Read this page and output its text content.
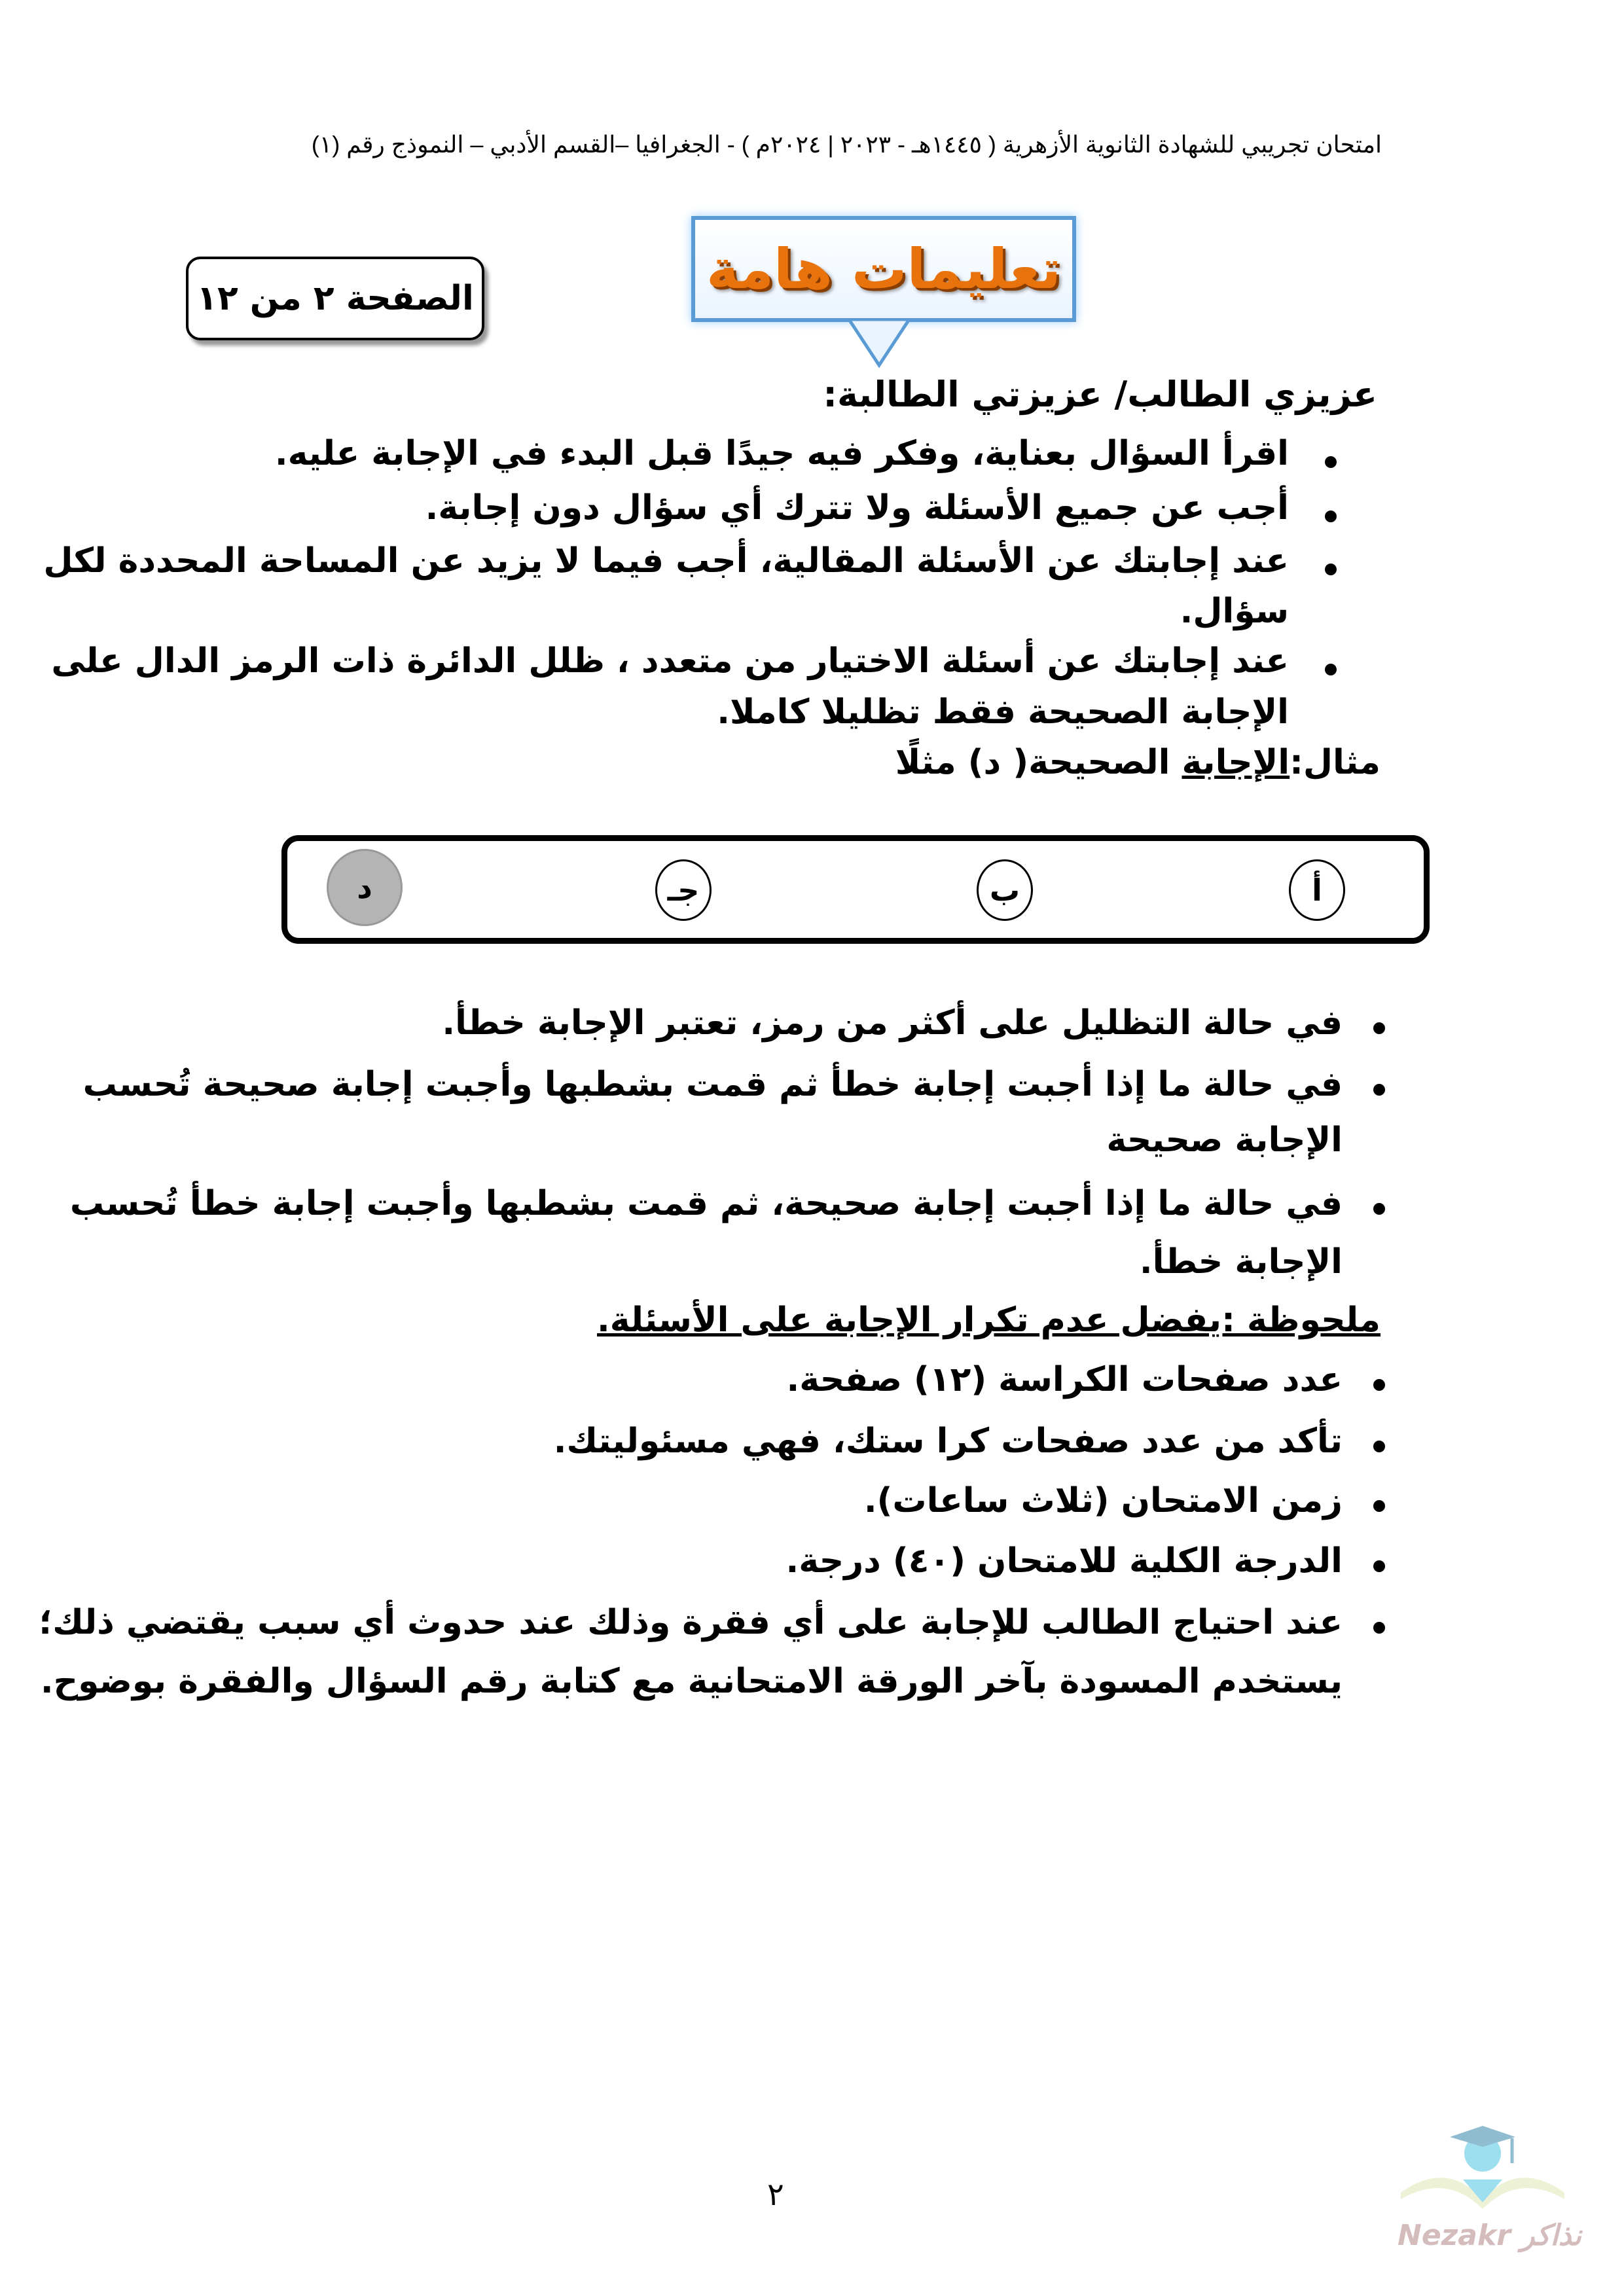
امتحان تجريبي للشهادة الثانوية الأزهرية ( ١٤٤٥هـ - ٢٠٢٣ | ٢٠٢٤م ) - الجغرافيا –القسم الأدبي – النموذج رقم (١)
الصفحة ٢ من ١٢	تعليمات هامة
عزيزي الطالب/ عزيزتي الطالبة:
اقرأ السؤال بعناية، وفكر فيه جيدًا قبل البدء في الإجابة عليه.
أجب عن جميع الأسئلة ولا تترك أي سؤال دون إجابة.
عند إجابتك عن الأسئلة المقالية، أجب فيما لا يزيد عن المساحة المحددة لكل
سؤال.
عند إجابتك عن أسئلة الاختيار من متعدد ، ظلل الدائرة ذات الرمز الدال على
الإجابة الصحيحة فقط تظليلا كاملا.
مثال:الإجابة الصحيحة( د) مثلًا
أ
ب
جـ
د
في حالة التظليل على أكثر من رمز، تعتبر الإجابة خطأ.
في حالة ما إذا أجبت إجابة خطأ ثم قمت بشطبها وأجبت إجابة صحيحة تُحسب
الإجابة صحيحة
في حالة ما إذا أجبت إجابة صحيحة، ثم قمت بشطبها وأجبت إجابة خطأ تُحسب
الإجابة خطأ.
ملحوظة :يفضل عدم تكرار الإجابة على الأسئلة.
عدد صفحات الكراسة (١٢) صفحة.
تأكد من عدد صفحات كرا ستك، فهي مسئوليتك.
زمن الامتحان (ثلاث ساعات).
الدرجة الكلية للامتحان (٤٠) درجة.
عند احتياج الطالب للإجابة على أي فقرة وذلك عند حدوث أي سبب يقتضي ذلك؛
يستخدم المسودة بآخر الورقة الامتحانية مع كتابة رقم السؤال والفقرة بوضوح.
٢
Nezakr نذاكر
